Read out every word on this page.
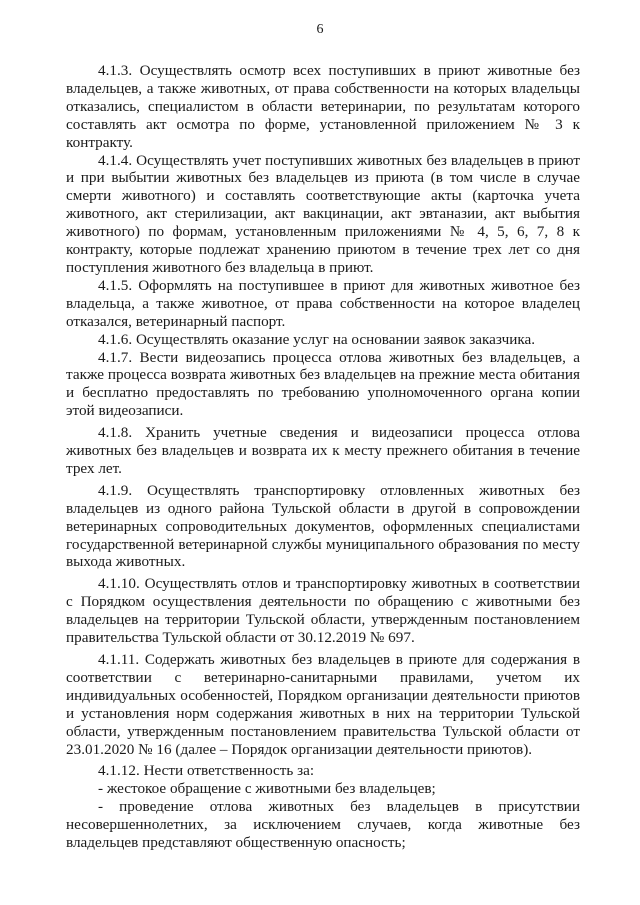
6

4.1.3. Осуществлять осмотр всех поступивших в приют животные без владельцев, а также животных, от права собственности на которых владельцы отказались, специалистом в области ветеринарии, по результатам которого составлять акт осмотра по форме, установленной приложением № 3 к контракту.

4.1.4. Осуществлять учет поступивших животных без владельцев в приют и при выбытии животных без владельцев из приюта (в том числе в случае смерти животного) и составлять соответствующие акты (карточка учета животного, акт стерилизации, акт вакцинации, акт эвтаназии, акт выбытия животного) по формам, установленным приложениями № 4, 5, 6, 7, 8 к контракту, которые подлежат хранению приютом в течение трех лет со дня поступления животного без владельца в приют.

4.1.5. Оформлять на поступившее в приют для животных животное без владельца, а также животное, от права собственности на которое владелец отказался, ветеринарный паспорт.

4.1.6. Осуществлять оказание услуг на основании заявок заказчика.

4.1.7. Вести видеозапись процесса отлова животных без владельцев, а также процесса возврата животных без владельцев на прежние места обитания и бесплатно предоставлять по требованию уполномоченного органа копии этой видеозаписи.

4.1.8. Хранить учетные сведения и видеозаписи процесса отлова животных без владельцев и возврата их к месту прежнего обитания в течение трех лет.

4.1.9. Осуществлять транспортировку отловленных животных без владельцев из одного района Тульской области в другой в сопровождении ветеринарных сопроводительных документов, оформленных специалистами государственной ветеринарной службы муниципального образования по месту выхода животных.

4.1.10. Осуществлять отлов и транспортировку животных в соответствии с Порядком осуществления деятельности по обращению с животными без владельцев на территории Тульской области, утвержденным постановлением правительства Тульской области от 30.12.2019 № 697.

4.1.11. Содержать животных без владельцев в приюте для содержания в соответствии с ветеринарно-санитарными правилами, учетом их индивидуальных особенностей, Порядком организации деятельности приютов и установления норм содержания животных в них на территории Тульской области, утвержденным постановлением правительства Тульской области от 23.01.2020 № 16 (далее – Порядок организации деятельности приютов).

4.1.12. Нести ответственность за:

- жестокое обращение с животными без владельцев;

- проведение отлова животных без владельцев в присутствии несовершеннолетних, за исключением случаев, когда животные без владельцев представляют общественную опасность;
